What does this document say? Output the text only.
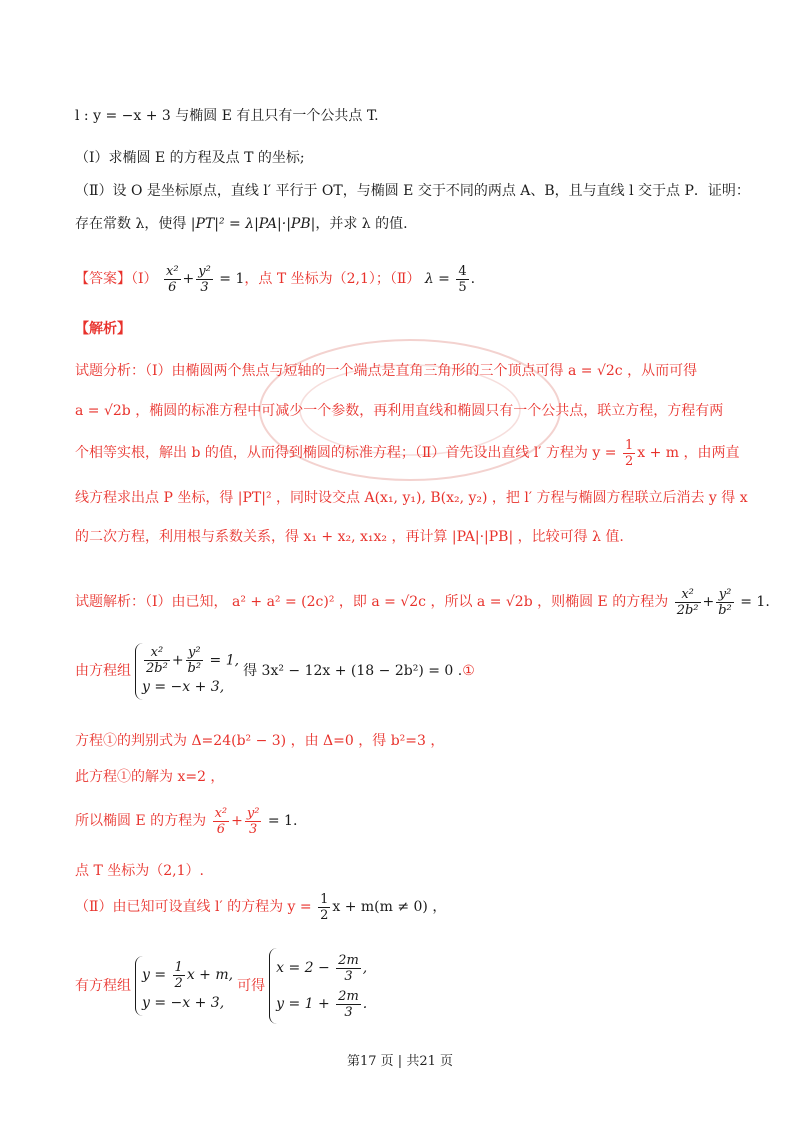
l : y = −x + 3 与椭圆 E 有且只有一个公共点 T.
（Ⅰ）求椭圆 E 的方程及点 T 的坐标;
（Ⅱ）设 O 是坐标原点，直线 l′ 平行于 OT，与椭圆 E 交于不同的两点 A、B，且与直线 l 交于点 P．证明：
存在常数 λ，使得 |PT|² = λ|PA|·|PB|，并求 λ 的值.
【答案】（Ⅰ） $\frac{\text{x²}}{6} + \frac{\text{y²}}{3} = 1$，点 T 坐标为（2,1）；（Ⅱ） $\lambda = \frac{4}{5}$ .
【解析】
试题分析：（Ⅰ）由椭圆两个焦点与短轴的一个端点是直角三角形的三个顶点可得 a = √2c ，从而可得
a = √2b ，椭圆的标准方程中可减少一个参数，再利用直线和椭圆只有一个公共点，联立方程，方程有两
个相等实根，解出 b 的值，从而得到椭圆的标准方程；（Ⅱ）首先设出直线 l′ 方程为 $y = \frac{1}{2}$ x + m ，由两直
线方程求出点 P 坐标，得 |PT|² ，同时设交点 A(x₁, y₁), B(x₂, y₂) ，把 l′ 方程与椭圆方程联立后消去 y 得 x
的二次方程，利用根与系数关系，得 x₁ + x₂, x₁x₂ ，再计算 |PA|·|PB| ，比较可得 λ 值.
试题解析：（Ⅰ）由已知， a² + a² = (2c)² ，即 a = √2c ，所以 a = √2b ，则椭圆 E 的方程为 $\frac{\text{x²}}{\text{2b²}} + \frac{\text{y²}}{\text{b²}} = 1$.
由方程组 $\frac{\text{x²}}{\text{2b²}} + \frac{\text{y²}}{\text{b²}} = 1$,
y = −x + 3,
得 3x² − 12x + (18 − 2b²) = 0 .①
方程①的判别式为 Δ=24(b² − 3) ，由 Δ=0 ，得 b²=3 ，
此方程①的解为 x=2 ，
所以椭圆 E 的方程为 $\frac{\text{x²}}{6} + \frac{\text{y²}}{3} = 1$.
点 T 坐标为（2,1）.
（Ⅱ）由已知可设直线 l′ 的方程为 $y = \frac{1}{2}$ x + m(m ≠ 0) ，
有方程组
$y = \frac{1}{2}$ x + m,
y = −x + 3,
可得
$x = 2 - \frac{2m}{3}$ ,
$y = 1 + \frac{2m}{3}$ .
第17 页 | 共21 页
